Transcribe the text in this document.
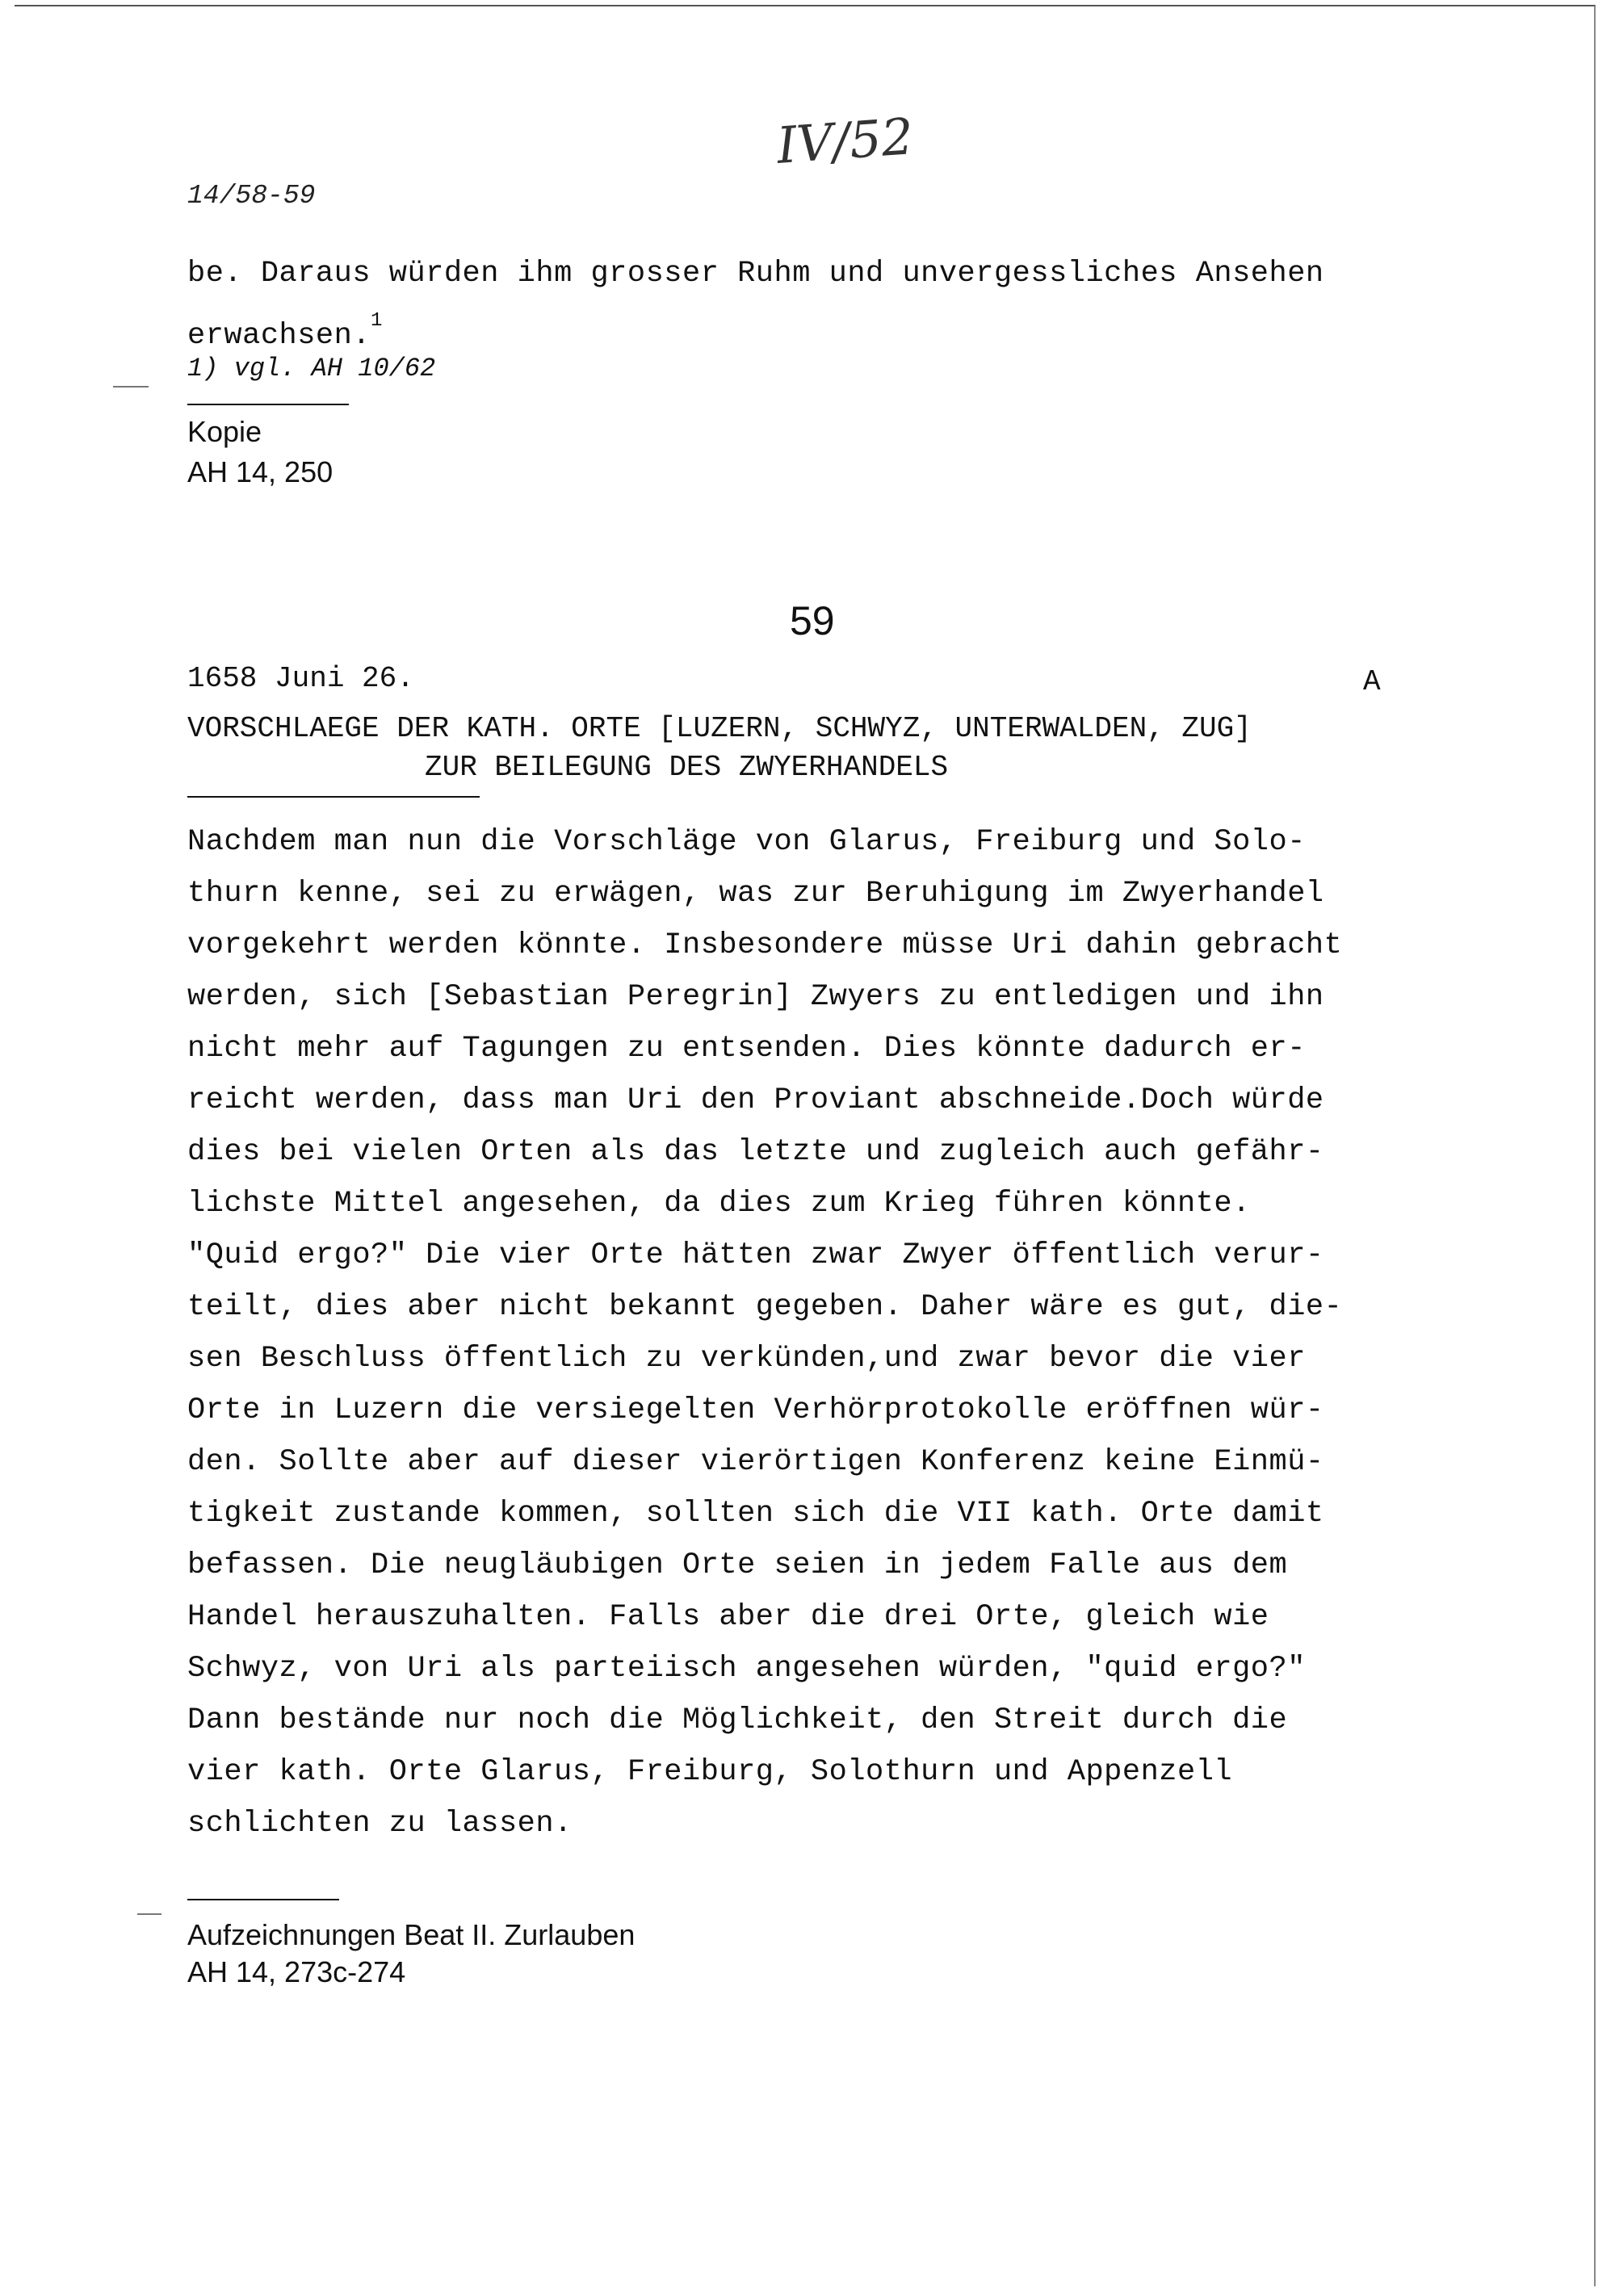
IV/52
14/58-59
be. Daraus würden ihm grosser Ruhm und unvergessliches Ansehen
erwachsen.$^1$
1) vgl. AH 10/62
Kopie
AH 14, 250
59
1658 Juni 26.	A
VORSCHLAEGE DER KATH. ORTE [LUZERN, SCHWYZ, UNTERWALDEN, ZUG]
ZUR BEILEGUNG DES ZWYERHANDELS
Nachdem man nun die Vorschläge von Glarus, Freiburg und Solo-
thurn kenne, sei zu erwägen, was zur Beruhigung im Zwyerhandel
vorgekehrt werden könnte. Insbesondere müsse Uri dahin gebracht
werden, sich [Sebastian Peregrin] Zwyers zu entledigen und ihn
nicht mehr auf Tagungen zu entsenden. Dies könnte dadurch er-
reicht werden, dass man Uri den Proviant abschneide.Doch würde
dies bei vielen Orten als das letzte und zugleich auch gefähr-
lichste Mittel angesehen, da dies zum Krieg führen könnte.
"Quid ergo?" Die vier Orte hätten zwar Zwyer öffentlich verur-
teilt, dies aber nicht bekannt gegeben. Daher wäre es gut, die-
sen Beschluss öffentlich zu verkünden,und zwar bevor die vier
Orte in Luzern die versiegelten Verhörprotokolle eröffnen wür-
den. Sollte aber auf dieser vierörtigen Konferenz keine Einmü-
tigkeit zustande kommen, sollten sich die VII kath. Orte damit
befassen. Die neugläubigen Orte seien in jedem Falle aus dem
Handel herauszuhalten. Falls aber die drei Orte, gleich wie
Schwyz, von Uri als parteiisch angesehen würden, "quid ergo?"
Dann bestände nur noch die Möglichkeit, den Streit durch die
vier kath. Orte Glarus, Freiburg, Solothurn und Appenzell
schlichten zu lassen.
Aufzeichnungen Beat II. Zurlauben
AH 14, 273c-274
